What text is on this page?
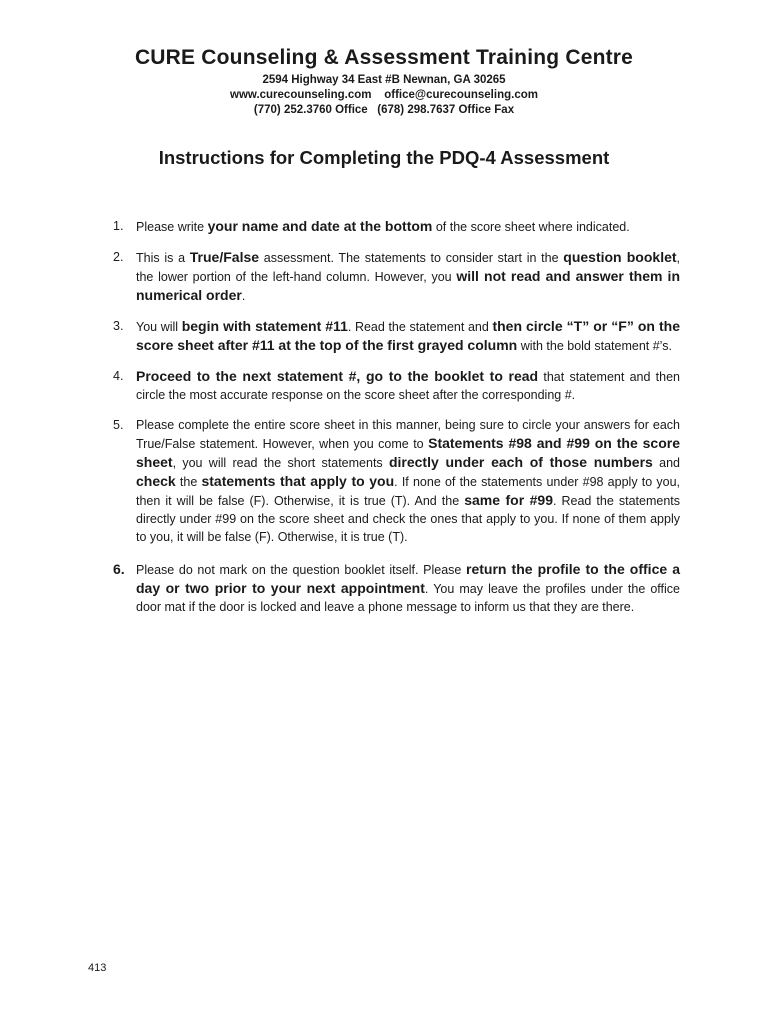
CURE Counseling & Assessment Training Centre
2594 Highway 34 East #B Newnan, GA 30265
www.curecounseling.com    office@curecounseling.com
(770) 252.3760 Office   (678) 298.7637 Office Fax
Instructions for Completing the PDQ-4 Assessment
1. Please write your name and date at the bottom of the score sheet where indicated.
2. This is a True/False assessment. The statements to consider start in the question booklet, the lower portion of the left-hand column. However, you will not read and answer them in numerical order.
3. You will begin with statement #11. Read the statement and then circle “T” or “F” on the score sheet after #11 at the top of the first grayed column with the bold statement #’s.
4. Proceed to the next statement #, go to the booklet to read that statement and then circle the most accurate response on the score sheet after the corresponding #.
5. Please complete the entire score sheet in this manner, being sure to circle your answers for each True/False statement. However, when you come to Statements #98 and #99 on the score sheet, you will read the short statements directly under each of those numbers and check the statements that apply to you. If none of the statements under #98 apply to you, then it will be false (F). Otherwise, it is true (T). And the same for #99. Read the statements directly under #99 on the score sheet and check the ones that apply to you. If none of them apply to you, it will be false (F). Otherwise, it is true (T).
6. Please do not mark on the question booklet itself. Please return the profile to the office a day or two prior to your next appointment. You may leave the profiles under the office door mat if the door is locked and leave a phone message to inform us that they are there.
413
